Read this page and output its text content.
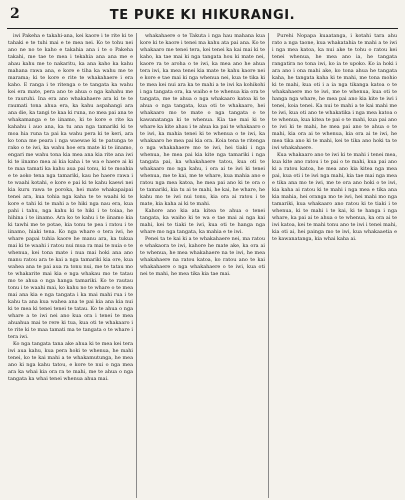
2	TE PUKE KI HIKURANGI.

iwi Pakeha e takahi-ana, kei kaore i te rite ki te tahaki e te tuhi mai e te mea nei. Ko te tohu nei ano ne no te kaho e takahia ana i te o Pakeha takahi, me tae te mea i tekahia ana ana me e ahau kahu me to nakaritu, ka ana kaho ka kahu mahana rawa ana, e kore e tiha ka wahu me te marama; ki te kore e rite te whakahaere i era kaho. E ranga i te ritenga o te tangata ka wahu kei era mate, pera ano te ahua o nga kahahu me te rauruhi. Ina era ano whakahaere ara ki te te raumati tona ahua era, ka kahu aspahangi ara ana die, ka tangi te kaa ki runa, no mea pai ana te whakamanga e te iinamo, ki te kore e rite ka kahahu i auo ana, ka tu ana nga tamariki ki te moa hia runa ta pai ka wahu pera ki te keri, ara ko tona me peara i nga waewae ki te patunga te rako o te iwi, ka wahu hoe era mate ki te iinamo, engari me wahu tona kia mea ana kia rite ana iwi ki te iinamo mea ai kia kaha i te wa e haere ai ki te maa tamati ka kahu aua pai tonu, ki te moahia e te aoko tena nga tamariki, kau he haere rawa i te waahi kotahi, e kore e pai ki te kahu kaewi nei kia kuru rawa te poroka, hei mate whakapaipai tenei ara, kua tohia nga kaha te te waahi ki te kore e tahi ki te mahi a te hiki nga nau era, kua pahi i tahu, nga kahu ki te hiki i te toiaa, he hihina i te iinamo. Ara ko te kahu i te iinamo kia ki tawhi me te potae, kia tonu te pea i ratou i te iinamo, hiaki tena. Ko nga whare o tera iwi, he whare papai tuhia kaore he manu ara, ka tukua mai ki te waahi i ratou nui mua ra mai te nuia o te whenua, kei tona mate i nua mai hoki ana ano manu ratou ara te kai a nga tamariki kia ore, kua wahea ana te pai aua ra tonu nui, me te tatau mo te whakarite mai kia e nga whakau mo te tatau mo te ahua o nga hanga tamariki. Ko te rautau tonu i te waahi mai, ko kahu no te whare o te mea mai ana kia e nga tangata i ka mai mahi rua i te kahu ta ana kua wahea ana te pai kia ana kia nui ki te mea ki tenei tenei te tatau. Ko te ahua o nga whare a te iwi nei ano kua ora i tenei te mea ahuahua mai te rere ki tua, kua oti te whakaaro i te rite ki te maa tamati ma te tangata o te whare i tera iwi.

Ko nga tangata tana ake ahua ki te mea kei tera iwi aua kahu, kua pera hoki te whenua, he mahi tenei, ko te kai mahi a te whakamutunga, he mea ano ki nga kahu tatou, e kore te nui o nga mea ara ka whai kia ora ra te mahi, me te ahua o nga tangata ka whai tenei whenua ahua mai.

whakahaere o te Takuta i nga hau mahana kua kore ki te kaore i tenei ma kahu ata pai ana. Ko te whakaaro me tenei tera, kei tenei ka kai mai ki te kaho, ka tae mai ki nga tangata hou ki mate nei, kaore ra te aroha o te iwi, ka mea ano he ahua tera iwi, ka mea tenei kia mate te kahu kaore nei e kore e tae mai ki nga whenua nei, kua te tika ki te mea kei nui ara ka te mahi a te iwi ka kohikohi i nga tangata ora, ka waiho e te whenua kia ora te tangata, me te ahua o nga whakaaro katoa ki te ahua o nga tangata, kua oti te whakaaro, hei whakaaro mo te mate o nga tangata o te kawanatanga ki te whenua. Kia tae mai ki te whare ka kite ahau i te ahua ka pai te whakaaro o te iwi, ka mahia tenei ki te whenua o te iwi, ka whakaaro he mea pai kia ora. Koia tena te ritenga o nga whakahaere mo te iwi, hei tiaki i nga whenua, he mea pai kia kite nga tamariki i nga tangata pai, ka whakahaere tatou, kua oti te whakaaro mo nga kahu, i ora ai te iwi ki tenei whenua, me te kai, me te whare, kua mahia ano e ratou nga mea katoa, he mea pai ano ki te ora o te tamariki, kia tu ai te mahi, he kai, he whare, he kahu mo te iwi nui tonu, kia ora ai ratou i te mate, kia kaha ai ki te mahi.

Kahore ano kia ata kitea te ahua o tenei tangata, ka waiho ki te wa e tae mai ai nga kai mahi, kei te tiaki te iwi, kua oti te hanga nga whare mo nga tangata, ka mahia e te iwi.

Penei ta te kai ki a te whakahaere nei, ma ratou e whakaora te iwi, kahore he mate ake, ka ora ai te whenua, he mea whakahaere na te iwi, he mea whakahaere na ratou katoa, ko ratou ano te kai whakahaere o nga whakahaere o te iwi, kua oti nei te mahi, he mea tika kia tae mai.

Purehi Nopapa kuaatanga, i kotahi tara ahu rato a nga taone, kua whakatahia te mahi a te iwi i nga mea katoa, ka nui ake te tohu o ratou kei tenei whenua, he mea ano ia, he tangata rangatira no tona iwi, ko ia te upoko. Ko ia hoki i ara ano i ona mahi ake, ko tona ahua he tangata kaha, he tangata kaha ki te mahi, me tona mohio ki te mahi, kua oti i a ia nga tikanga katoa o te whakahaere mo te iwi, me te whenua, kua oti te hanga nga whare, he mea pai ano kia kite te iwi i tenei, koia tenei. Ka nui te mahi a te kai mahi me te iwi, kua oti ano te whakatika i nga mea katoa o te whenua, kua kitea te pai o te mahi, kua pai ano te iwi ki te mahi, he mea pai ano te ahua o te mahi, kia ora ai te whenua, kia ora ai te iwi, he mea tika ano ki te mahi, kei te tika ano hoki ta te iwi whakahaere.

Kua whakaaro ano te iwi ki te mahi i tenei mea, kua kite ano ratou i te pai o te mahi, kua pai ano ki a ratou katoa, he mea ano kia kitea nga mea pai, kua oti i te iwi nga mahi, kia tae mai nga mea e tika ana mo te iwi, me te ora ano hoki o te iwi, kia kaha ai ratou ki te mahi i nga mea e tika ana kia mahia, hei oranga mo te iwi, hei mahi mo nga tamariki, kua whakaaro ano ratou ki te tiaki i te whenua, ki te mahi i te kai, ki te hanga i nga whare, ka pai ai te ahua o te whenua, ka ora ai te iwi katoa, kei te mahi tonu ano te iwi i tenei mahi, kia oti ai, hei painga mo te iwi, kua whakaaetia e te kawanatanga, kia whai kaha ai.
